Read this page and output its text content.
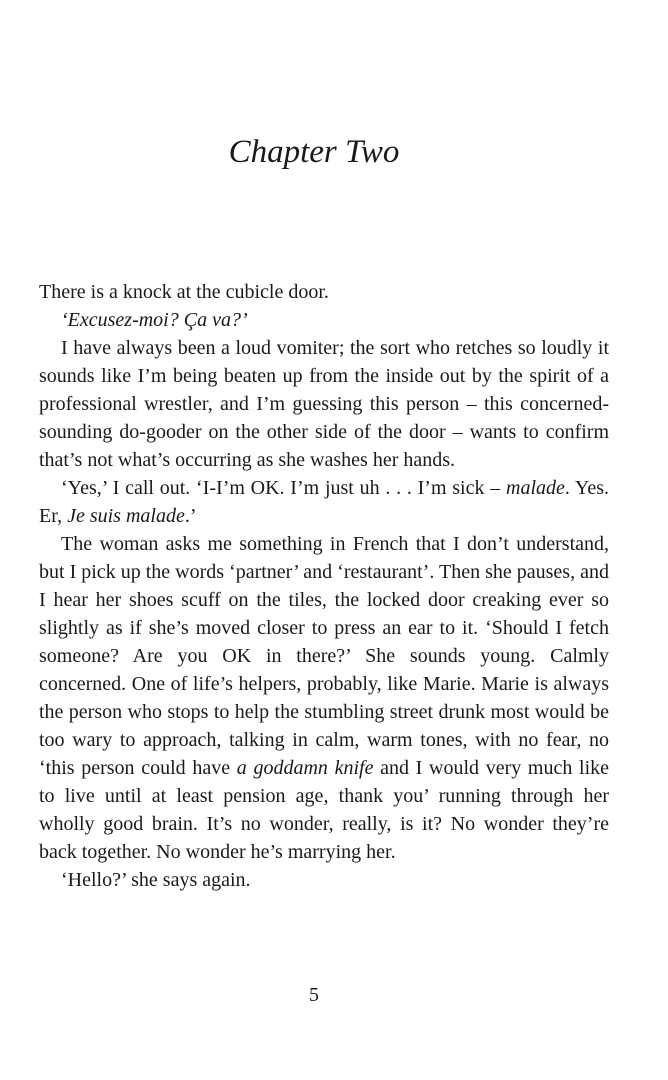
Chapter Two

There is a knock at the cubicle door.

‘Excusez-moi? Ça va?’

I have always been a loud vomiter; the sort who retches so loudly it sounds like I’m being beaten up from the inside out by the spirit of a professional wrestler, and I’m guessing this person – this concerned-sounding do-gooder on the other side of the door – wants to confirm that’s not what’s occurring as she washes her hands.

‘Yes,’ I call out. ‘I-I’m OK. I’m just uh . . . I’m sick – malade. Yes. Er, Je suis malade.’

The woman asks me something in French that I don’t understand, but I pick up the words ‘partner’ and ‘restaurant’. Then she pauses, and I hear her shoes scuff on the tiles, the locked door creaking ever so slightly as if she’s moved closer to press an ear to it. ‘Should I fetch someone? Are you OK in there?’ She sounds young. Calmly concerned. One of life’s helpers, probably, like Marie. Marie is always the person who stops to help the stumbling street drunk most would be too wary to approach, talking in calm, warm tones, with no fear, no ‘this person could have a goddamn knife and I would very much like to live until at least pension age, thank you’ running through her wholly good brain. It’s no wonder, really, is it? No wonder they’re back together. No wonder he’s marrying her.

‘Hello?’ she says again.

5
